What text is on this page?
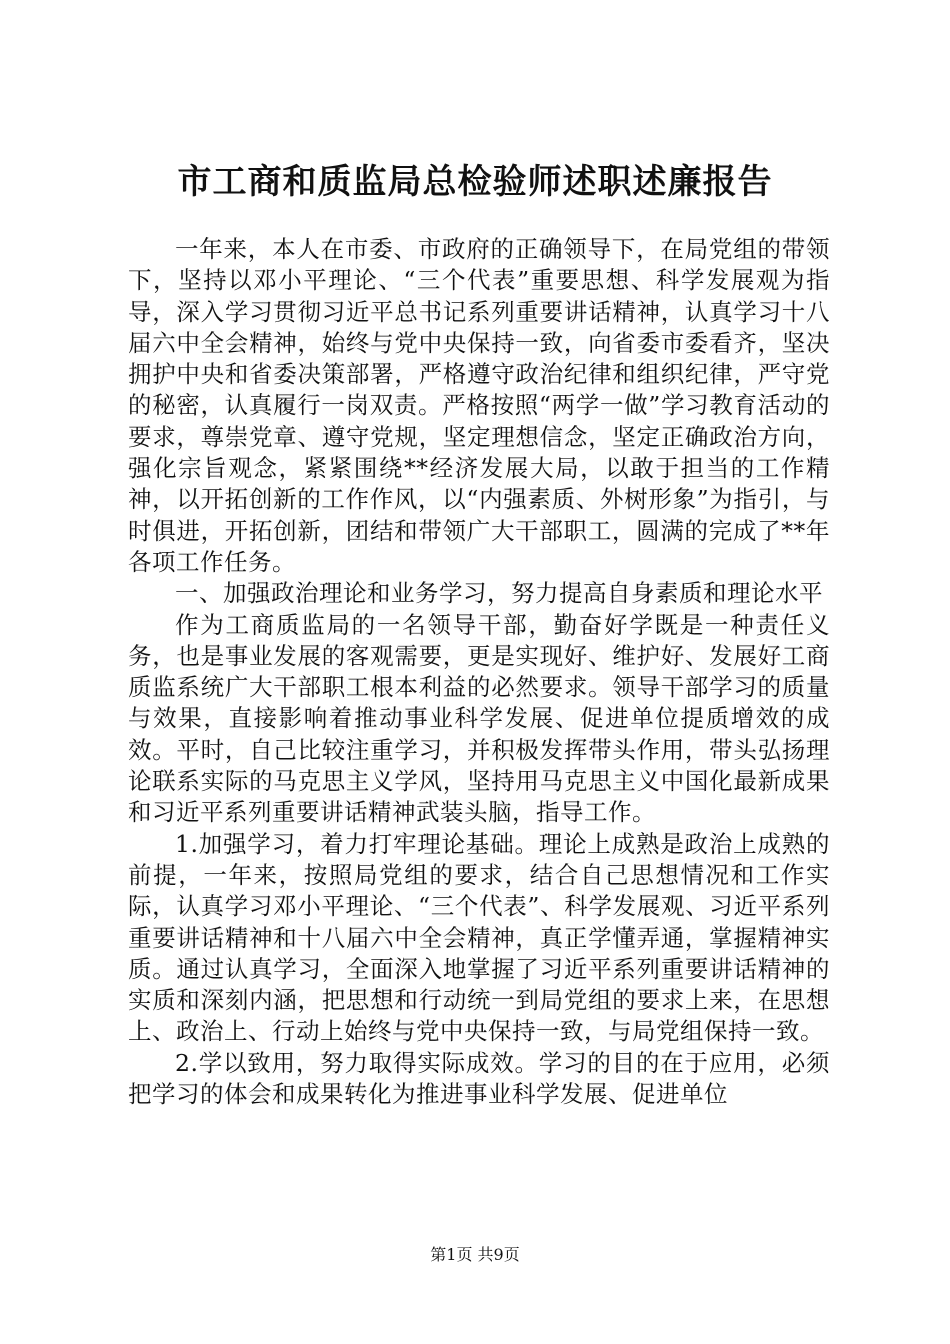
市工商和质监局总检验师述职述廉报告

一年来，本人在市委、市政府的正确领导下，在局党组的带领下，坚持以邓小平理论、“三个代表”重要思想、科学发展观为指导，深入学习贯彻习近平总书记系列重要讲话精神，认真学习十八届六中全会精神，始终与党中央保持一致，向省委市委看齐，坚决拥护中央和省委决策部署，严格遵守政治纪律和组织纪律，严守党的秘密，认真履行一岗双责。严格按照“两学一做”学习教育活动的要求，尊崇党章、遵守党规，坚定理想信念，坚定正确政治方向，强化宗旨观念，紧紧围绕**经济发展大局，以敢于担当的工作精神，以开拓创新的工作作风，以“内强素质、外树形象”为指引，与时俱进，开拓创新，团结和带领广大干部职工，圆满的完成了**年各项工作任务。

一、加强政治理论和业务学习，努力提高自身素质和理论水平

作为工商质监局的一名领导干部，勤奋好学既是一种责任义务，也是事业发展的客观需要，更是实现好、维护好、发展好工商质监系统广大干部职工根本利益的必然要求。领导干部学习的质量与效果，直接影响着推动事业科学发展、促进单位提质增效的成效。平时，自己比较注重学习，并积极发挥带头作用，带头弘扬理论联系实际的马克思主义学风，坚持用马克思主义中国化最新成果和习近平系列重要讲话精神武装头脑，指导工作。

1.加强学习，着力打牢理论基础。理论上成熟是政治上成熟的前提，一年来，按照局党组的要求，结合自己思想情况和工作实际，认真学习邓小平理论、“三个代表”、科学发展观、习近平系列重要讲话精神和十八届六中全会精神，真正学懂弄通，掌握精神实质。通过认真学习，全面深入地掌握了习近平系列重要讲话精神的实质和深刻内涵，把思想和行动统一到局党组的要求上来，在思想上、政治上、行动上始终与党中央保持一致，与局党组保持一致。

2.学以致用，努力取得实际成效。学习的目的在于应用，必须把学习的体会和成果转化为推进事业科学发展、促进单位

第1页 共9页
